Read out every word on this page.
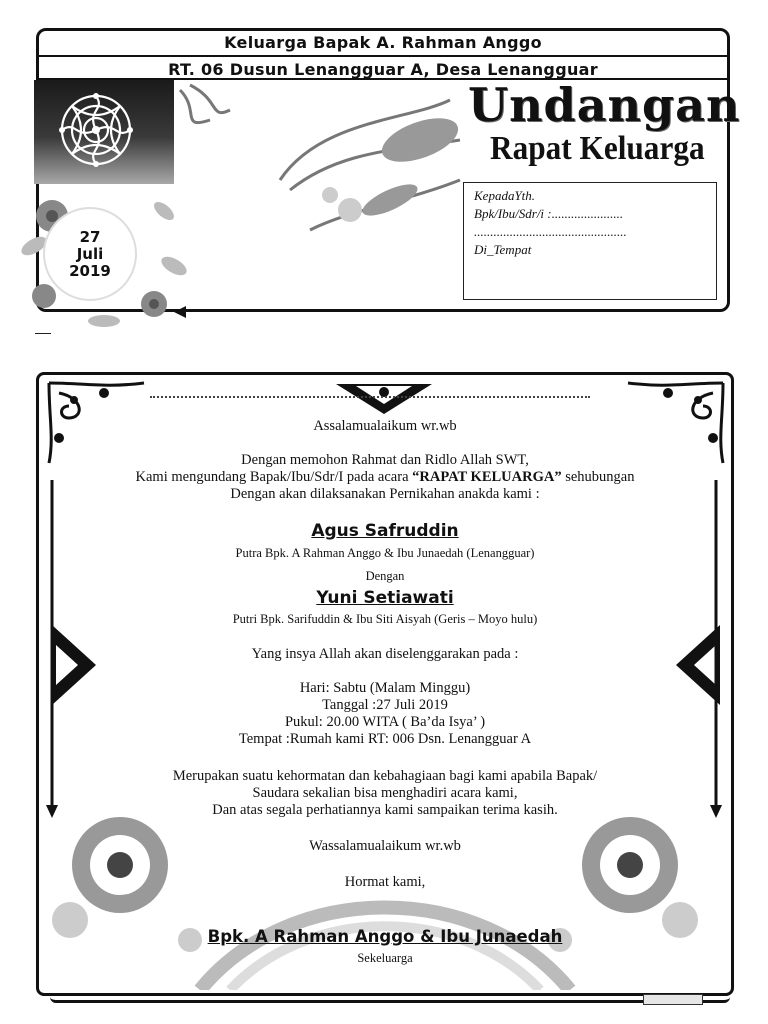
Keluarga Bapak A. Rahman Anggo
RT. 06 Dusun Lenangguar A, Desa Lenangguar
Undangan
Rapat Keluarga
KepadaYth.
Bpk/Ibu/Sdr/i :......................
...............................................
Di_Tempat
27
Juli
2019
Assalamualaikum wr.wb
Dengan memohon Rahmat dan Ridlo Allah SWT,
Kami mengundang Bapak/Ibu/Sdr/I pada acara “RAPAT KELUARGA” sehubungan
Dengan akan dilaksanakan Pernikahan anakda kami :
Agus Safruddin
Putra Bpk. A Rahman Anggo & Ibu Junaedah (Lenangguar)
Dengan
Yuni Setiawati
Putri Bpk. Sarifuddin & Ibu Siti Aisyah (Geris – Moyo hulu)
Yang insya Allah akan diselenggarakan pada :
Hari: Sabtu (Malam Minggu)
Tanggal :27 Juli 2019
Pukul: 20.00 WITA ( Ba’da Isya’ )
Tempat :Rumah kami RT: 006 Dsn. Lenangguar A
Merupakan suatu kehormatan dan kebahagiaan bagi kami apabila Bapak/
Saudara sekalian bisa menghadiri acara kami,
Dan atas segala perhatiannya kami sampaikan terima kasih.
Wassalamualaikum wr.wb
Hormat kami,
Bpk. A Rahman Anggo & Ibu Junaedah
Sekeluarga
